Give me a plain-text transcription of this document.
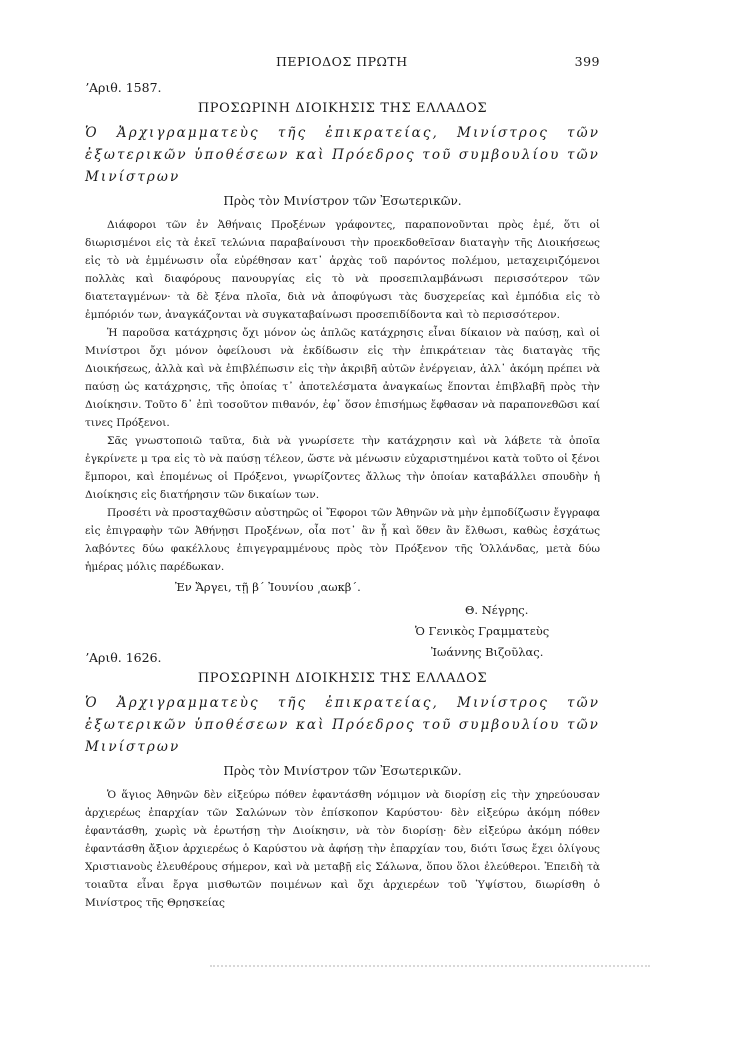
ΠΕΡΙΟΔΟΣ ΠΡΩΤΗ	399
ʼΑριθ. 1587.
ΠΡΟΣΩΡΙΝΗ ΔΙΟΙΚΗΣΙΣ ΤΗΣ ΕΛΛΑΔΟΣ
Ὁ Ἀρχιγραμματεὺς τῆς ἐπικρατείας, Μινίστρος τῶν ἐξωτερικῶν ὑποθέσεων καὶ Πρόεδρος τοῦ συμβουλίου τῶν Μινίστρων
Πρὸς τὸν Μινίστρον τῶν Ἐσωτερικῶν.

Διάφοροι τῶν ἐν Ἀθήναις Προξένων γράφοντες, παραπονοῦνται πρὸς ἐμέ, ὅτι οἱ διωρισμένοι εἰς τὰ ἐκεῖ τελώνια παραβαίνουσι τὴν προεκδοθεῖσαν διαταγὴν τῆς Διοικήσεως εἰς τὸ νὰ ἐμμένωσιν οἷα εὑρέθησαν κατ᾽ ἀρχὰς τοῦ παρόντος πολέμου, μεταχειριζόμενοι πολλὰς καὶ διαφόρους πανουργίας εἰς τὸ νὰ προσεπιλαμβάνωσι περισσότερον τῶν διατεταγμένων· τὰ δὲ ξένα πλοῖα, διὰ νὰ ἀποφύγωσι τὰς δυσχερείας καὶ ἐμπόδια εἰς τὸ ἐμπόριόν των, ἀναγκάζονται νὰ συγκαταβαίνωσι προσεπιδίδοντα καὶ τὸ περισσότερον.

Ἡ παροῦσα κατάχρησις ὄχι μόνον ὡς ἁπλῶς κατάχρησις εἶναι δίκαιον νὰ παύσῃ, καὶ οἱ Μινίστροι ὄχι μόνον ὀφείλουσι νὰ ἐκδίδωσιν εἰς τὴν ἐπικράτειαν τὰς διαταγὰς τῆς Διοικήσεως, ἀλλὰ καὶ νὰ ἐπιβλέπωσιν εἰς τὴν ἀκριβῆ αὐτῶν ἐνέργειαν, ἀλλ᾽ ἀκόμη πρέπει νὰ παύσῃ ὡς κατάχρησις, τῆς ὁποίας τ᾽ ἀποτελέσματα ἀναγκαίως ἕπονται ἐπιβλαβῆ πρὸς τὴν Διοίκησιν. Τοῦτο δ᾽ ἐπὶ τοσοῦτον πιθανόν, ἐφ᾽ ὅσον ἐπισήμως ἔφθασαν νὰ παραπονεθῶσι καί τινες Πρόξενοι.

Σᾶς γνωστοποιῶ ταῦτα, διὰ νὰ γνωρίσετε τὴν κατάχρησιν καὶ νὰ λάβετε τὰ ὁποῖα ἐγκρίνετε μ τρα εἰς τὸ νὰ παύσῃ τέλεον, ὥστε νὰ μένωσιν εὐχαριστημένοι κατὰ τοῦτο οἱ ξένοι ἔμποροι, καὶ ἑπομένως οἱ Πρόξενοι, γνωρίζοντες ἄλλως τὴν ὁποίαν καταβάλλει σπουδὴν ἡ Διοίκησις εἰς διατήρησιν τῶν δικαίων των.

Προσέτι νὰ προσταχθῶσιν αὐστηρῶς οἱ Ἔφοροι τῶν Ἀθηνῶν νὰ μὴν ἐμποδίζωσιν ἔγγραφα εἰς ἐπιγραφὴν τῶν Ἀθήνῃσι Προξένων, οἷα ποτ᾽ ἂν ᾖ καὶ ὅθεν ἂν ἔλθωσι, καθὼς ἐσχάτως λαβόντες δύω φακέλλους ἐπιγεγραμμένους πρὸς τὸν Πρόξενον τῆς Ὁλλάνδας, μετὰ δύω ἡμέρας μόλις παρέδωκαν.

Ἐν Ἄργει, τῇ β΄ Ἰουνίου ͵αωκβ΄.
Θ. Νέγρης.
Ὁ Γενικὸς Γραμματεὺς
Ἰωάννης Βιζοῦλας.
ʼΑριθ. 1626.
ΠΡΟΣΩΡΙΝΗ ΔΙΟΙΚΗΣΙΣ ΤΗΣ ΕΛΛΑΔΟΣ
Ὁ Ἀρχιγραμματεὺς τῆς ἐπικρατείας, Μινίστρος τῶν ἐξωτερικῶν ὑποθέσεων καὶ Πρόεδρος τοῦ συμβουλίου τῶν Μινίστρων
Πρὸς τὸν Μινίστρον τῶν Ἐσωτερικῶν.

Ὁ ἅγιος Ἀθηνῶν δὲν εἰξεύρω πόθεν ἐφαντάσθη νόμιμον νὰ διορίσῃ εἰς τὴν χηρεύουσαν ἀρχιερέως ἐπαρχίαν τῶν Σαλώνων τὸν ἐπίσκοπον Καρύστου· δὲν εἰξεύρω ἀκόμη πόθεν ἐφαντάσθη, χωρὶς νὰ ἐρωτήσῃ τὴν Διοίκησιν, νὰ τὸν διορίσῃ· δὲν εἰξεύρω ἀκόμη πόθεν ἐφαντάσθη ἄξιον ἀρχιερέως ὁ Καρύστου νὰ ἀφήσῃ τὴν ἐπαρχίαν του, διότι ἴσως ἔχει ὀλίγους Χριστιανοὺς ἐλευθέρους σήμερον, καὶ νὰ μεταβῇ εἰς Σάλωνα, ὅπου ὅλοι ἐλεύθεροι. Ἐπειδὴ τὰ τοιαῦτα εἶναι ἔργα μισθωτῶν ποιμένων καὶ ὄχι ἀρχιερέων τοῦ Ὑψίστου, διωρίσθη ὁ Μινίστρος τῆς Θρησκείας
